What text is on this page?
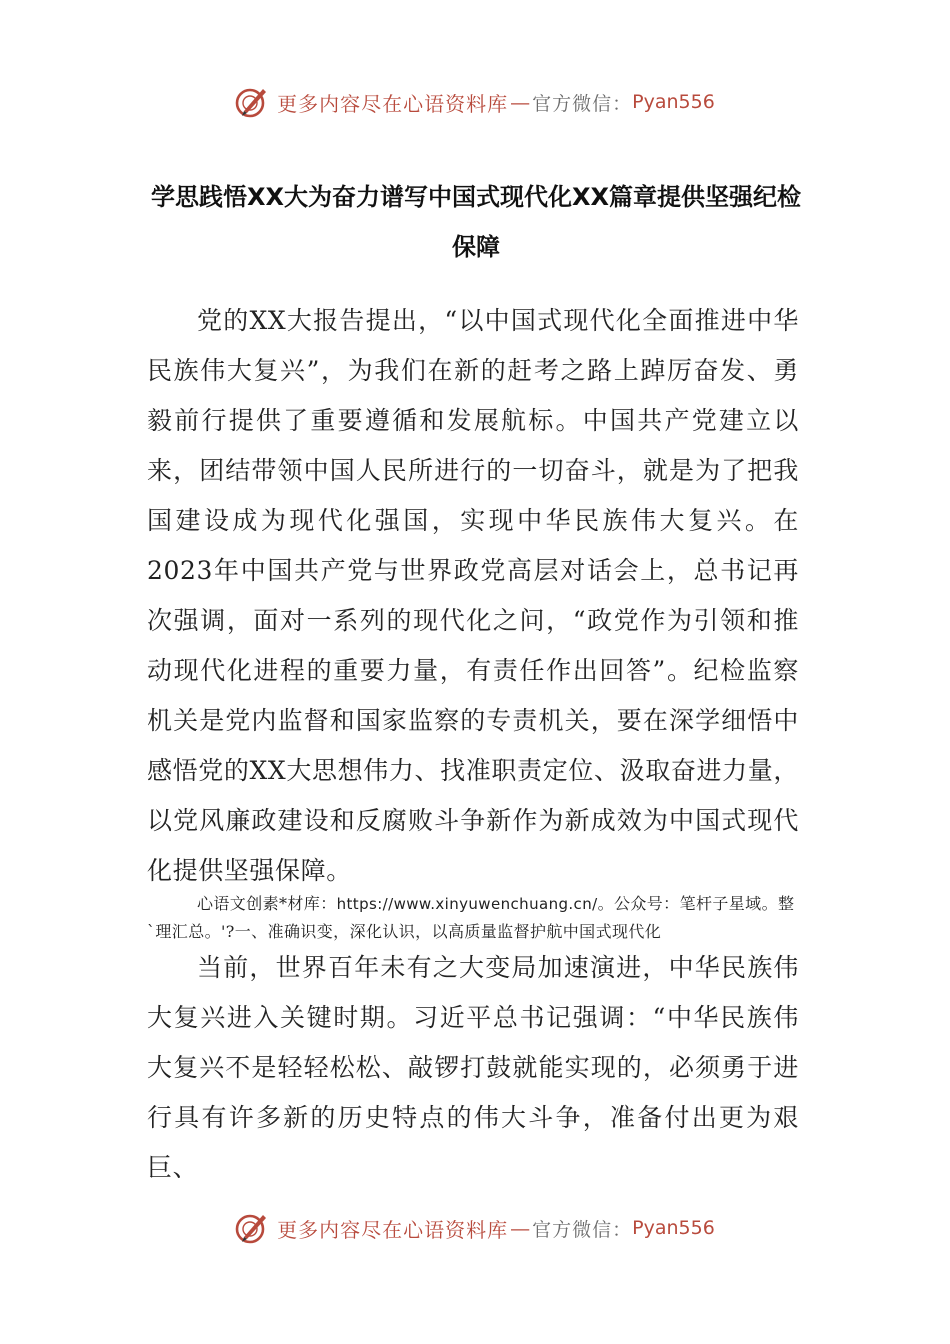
更多内容尽在心语资料库 — 官方微信： Pyan556
学思践悟XX大为奋力谱写中国式现代化XX篇章提供坚强纪检保障

党的XX大报告提出，“以中国式现代化全面推进中华民族伟大复兴”，为我们在新的赶考之路上踔厉奋发、勇毅前行提供了重要遵循和发展航标。中国共产党建立以来，团结带领中国人民所进行的一切奋斗，就是为了把我国建设成为现代化强国，实现中华民族伟大复兴。在2023年中国共产党与世界政党高层对话会上，总书记再次强调，面对一系列的现代化之问，“政党作为引领和推动现代化进程的重要力量，有责任作出回答”。纪检监察机关是党内监督和国家监察的专责机关，要在深学细悟中感悟党的XX大思想伟力、找准职责定位、汲取奋进力量，以党风廉政建设和反腐败斗争新作为新成效为中国式现代化提供坚强保障。

心语文创素*材库：https://www.xinyuwenchuang.cn/。公众号：笔杆子星域。整`理汇总。'?一、准确识变，深化认识，以高质量监督护航中国式现代化

当前，世界百年未有之大变局加速演进，中华民族伟大复兴进入关键时期。习近平总书记强调：“中华民族伟大复兴不是轻轻松松、敲锣打鼓就能实现的，必须勇于进行具有许多新的历史特点的伟大斗争，准备付出更为艰巨、

更多内容尽在心语资料库 — 官方微信： Pyan556
